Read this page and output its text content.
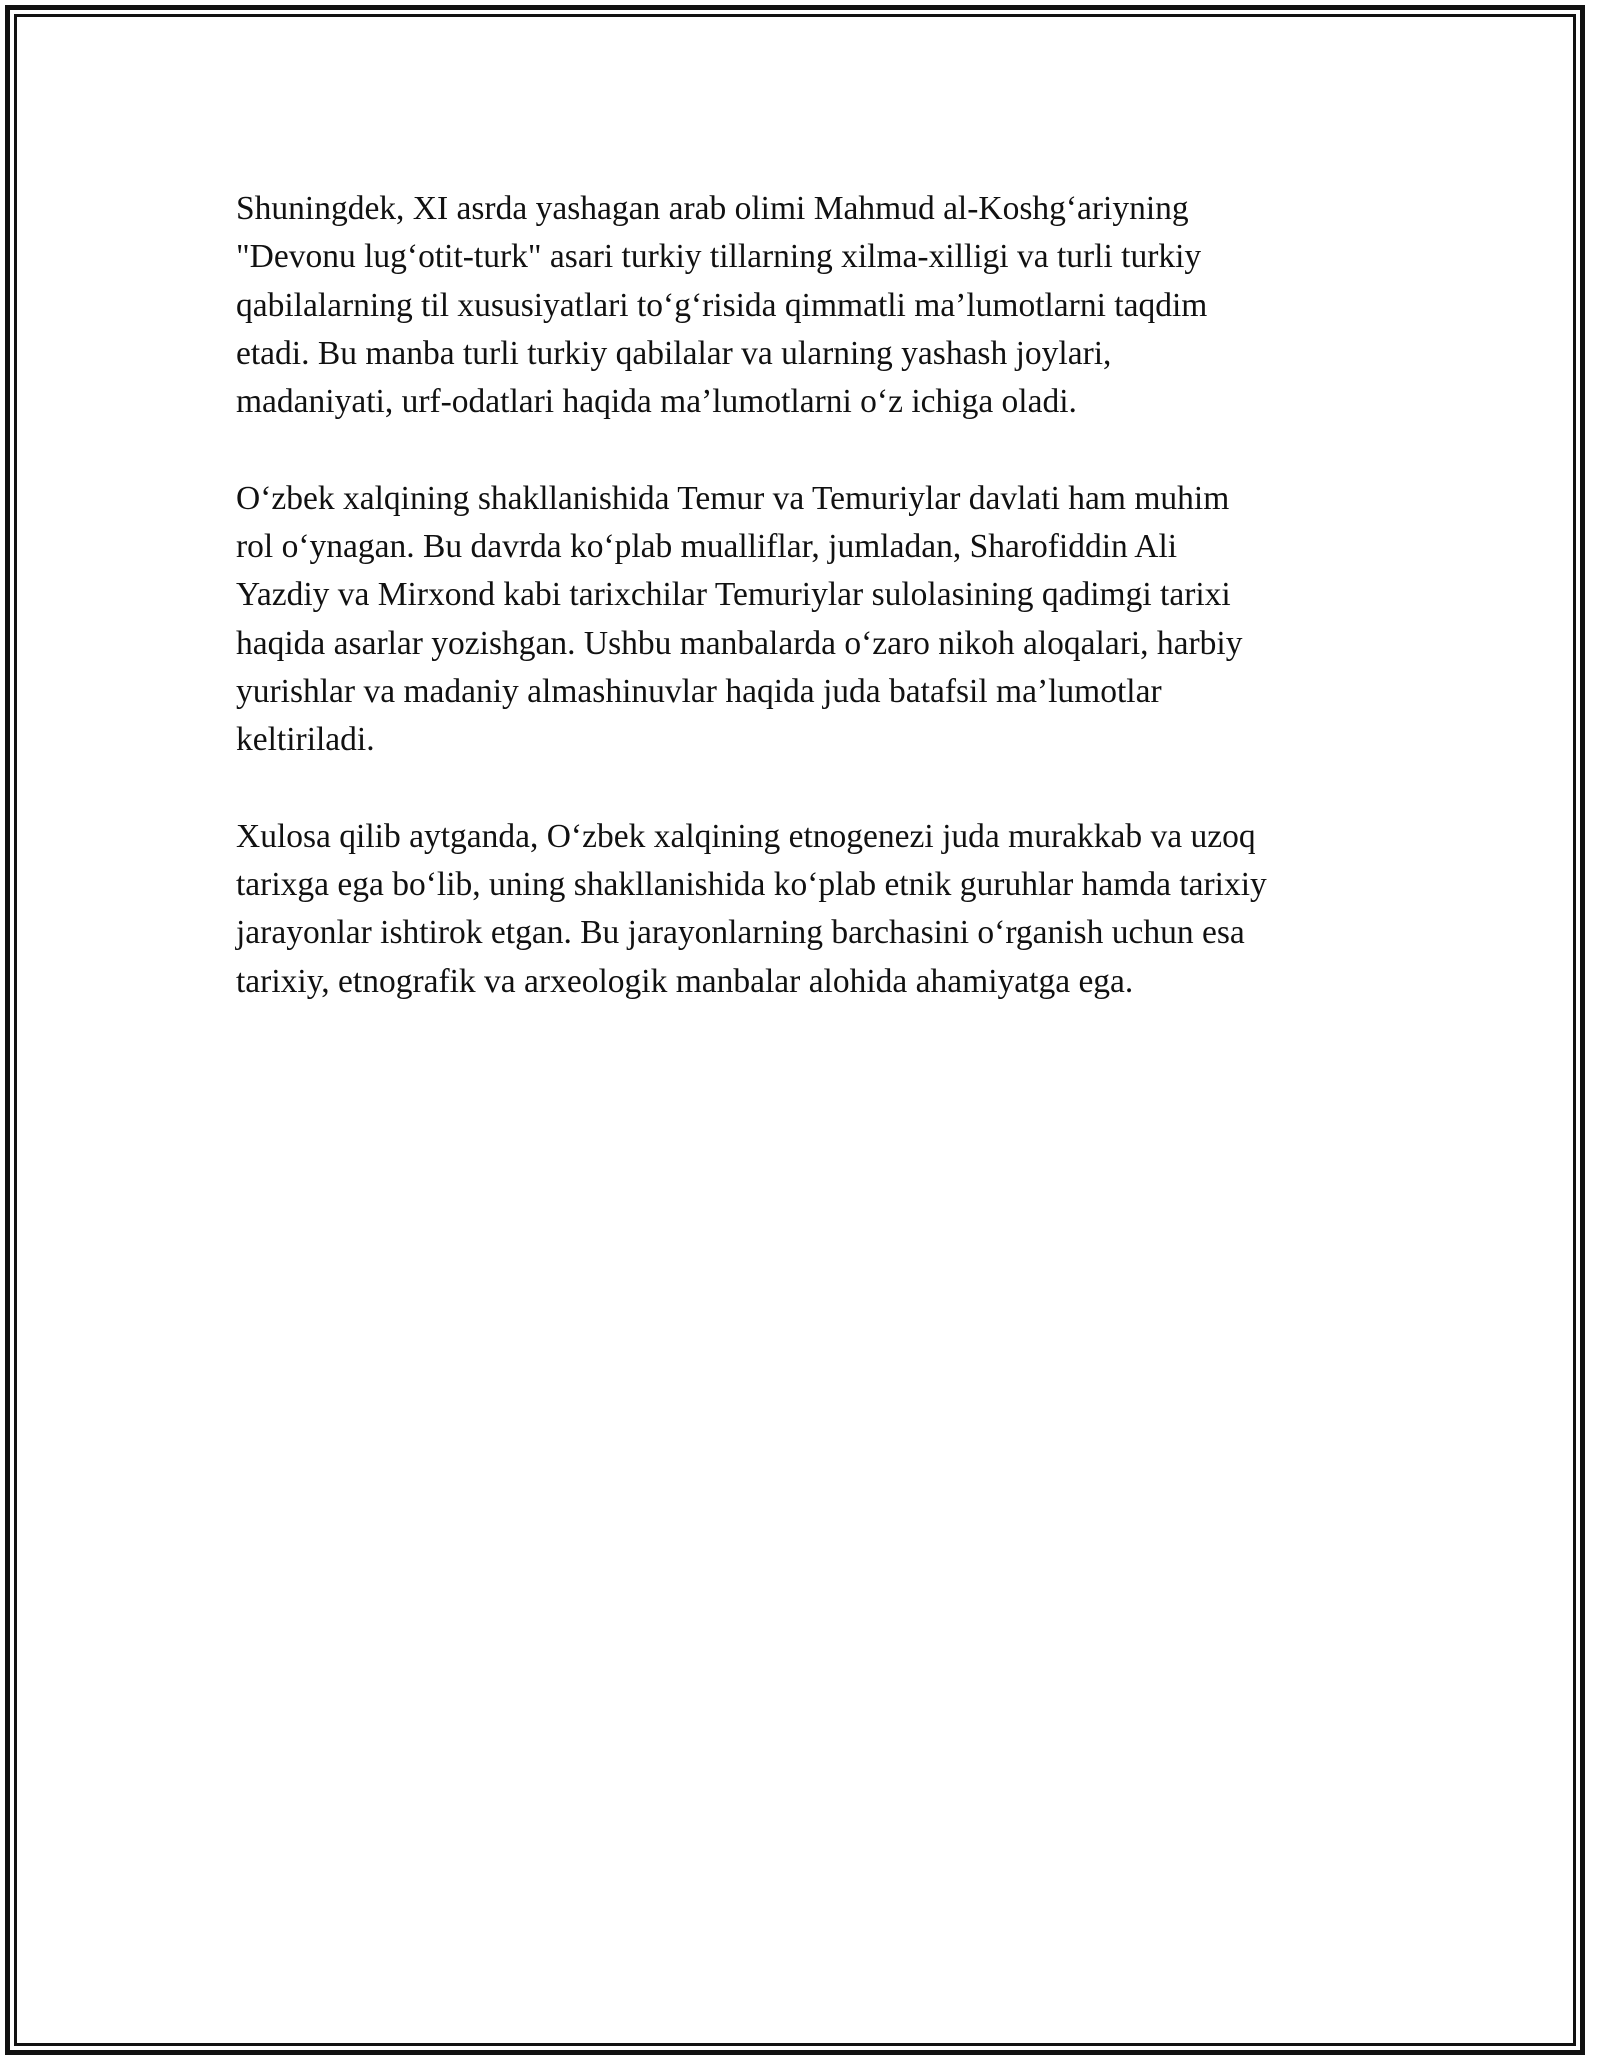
Shuningdek, XI asrda yashagan arab olimi Mahmud al-Koshg‘ariyning
"Devonu lug‘otit-turk" asari turkiy tillarning xilma-xilligi va turli turkiy
qabilalarning til xususiyatlari to‘g‘risida qimmatli ma’lumotlarni taqdim
etadi. Bu manba turli turkiy qabilalar va ularning yashash joylari,
madaniyati, urf-odatlari haqida ma’lumotlarni o‘z ichiga oladi.

O‘zbek xalqining shakllanishida Temur va Temuriylar davlati ham muhim
rol o‘ynagan. Bu davrda ko‘plab mualliflar, jumladan, Sharofiddin Ali
Yazdiy va Mirxond kabi tarixchilar Temuriylar sulolasining qadimgi tarixi
haqida asarlar yozishgan. Ushbu manbalarda o‘zaro nikoh aloqalari, harbiy
yurishlar va madaniy almashinuvlar haqida juda batafsil ma’lumotlar
keltiriladi.

Xulosa qilib aytganda, O‘zbek xalqining etnogenezi juda murakkab va uzoq
tarixga ega bo‘lib, uning shakllanishida ko‘plab etnik guruhlar hamda tarixiy
jarayonlar ishtirok etgan. Bu jarayonlarning barchasini o‘rganish uchun esa
tarixiy, etnografik va arxeologik manbalar alohida ahamiyatga ega.
